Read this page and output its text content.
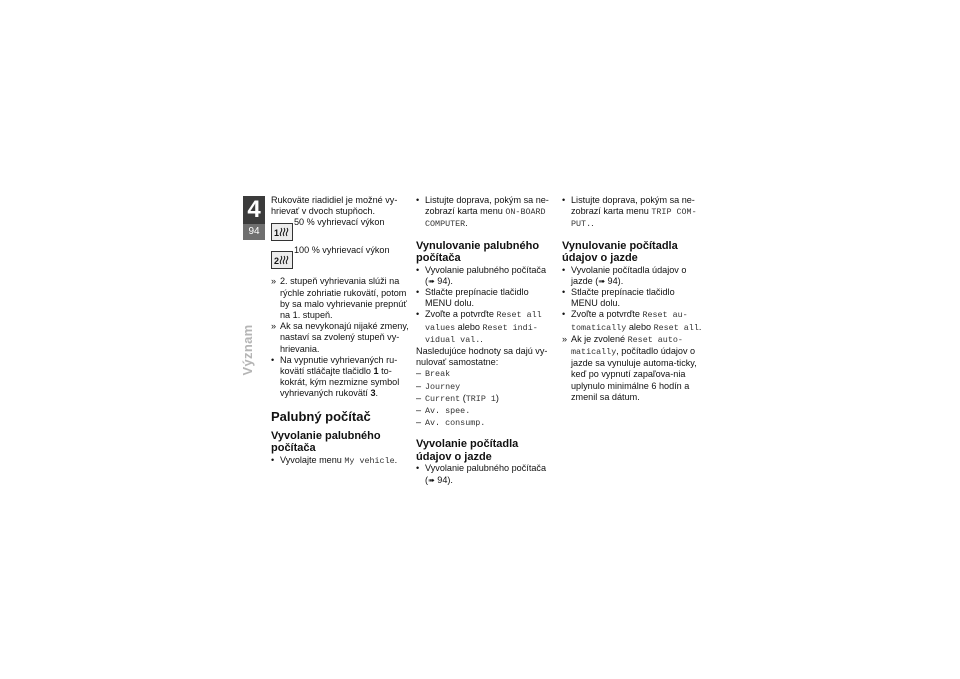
4
94
Význam

Rukoväte riadidiel je možné vy-hrievať v dvoch stupňoch.

1
50 % vyhrievací výkon
2
100 % vyhrievací výkon
» 2. stupeň vyhrievania slúži na rýchle zohriatie rukovätí, potom by sa malo vyhrievanie prepnúť na 1. stupeň.
» Ak sa nevykonajú nijaké zmeny, nastaví sa zvolený stupeň vy-hrievania.
• Na vypnutie vyhrievaných ru-kovätí stláčajte tlačidlo 1 to-kokrát, kým nezmizne symbol vyhrievaných rukovätí 3.

Palubný počítač

Vyvolanie palubného počítača

• Vyvolajte menu My vehicle.
• Listujte doprava, pokým sa ne-zobrazí karta menu ON-BOARD COMPUTER.

Vynulovanie palubného počítača

• Vyvolanie palubného počítača
(➠ 94).
• Stlačte prepínacie tlačidlo MENU dolu.
• Zvoľte a potvrďte Reset all values alebo Reset indi-vidual val..

Nasledujúce hodnoty sa dajú vy-nulovať samostatne:

– Break
– Journey
– Current (TRIP 1)
– Av. spee.
– Av. consump.

Vyvolanie počítadla údajov o jazde

• Vyvolanie palubného počítača
(➠ 94).
• Listujte doprava, pokým sa ne-zobrazí karta menu TRIP COM-PUT..

Vynulovanie počítadla údajov o jazde

• Vyvolanie počítadla údajov o jazde (➠ 94).
• Stlačte prepínacie tlačidlo MENU dolu.
• Zvoľte a potvrďte Reset au-tomatically alebo Reset all.
» Ak je zvolené Reset auto-matically, počítadlo údajov o jazde sa vynuluje automa-ticky, keď po vypnutí zapaľova-nia uplynulo minimálne 6 hodín a zmenil sa dátum.
